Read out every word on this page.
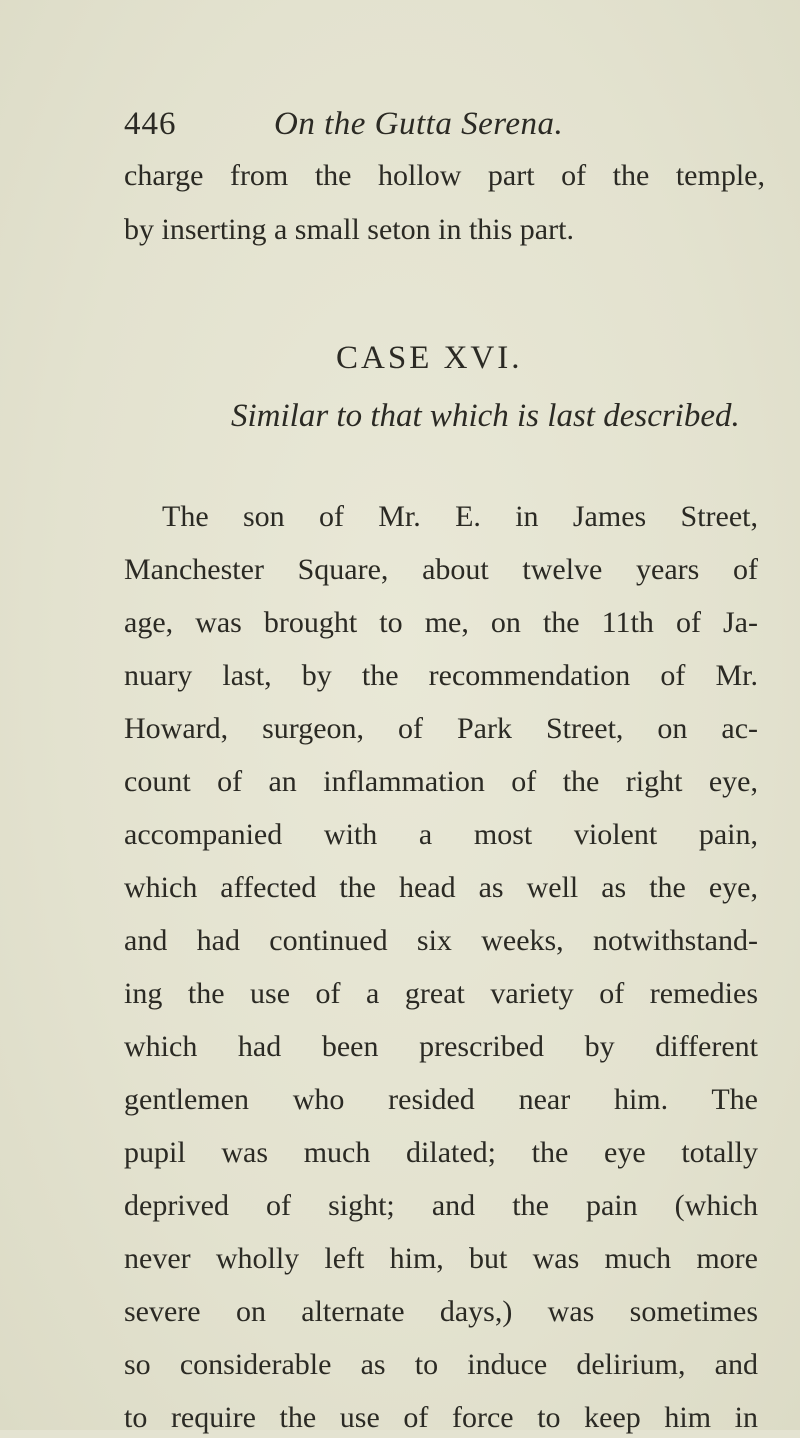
446	On the Gutta Serena.
charge from the hollow part of the temple,
by inserting a small seton in this part.
CASE XVI.
Similar to that which is last described.
The son of Mr. E. in James Street,
Manchester Square, about twelve years of
age, was brought to me, on the 11th of Ja-
nuary last, by the recommendation of Mr.
Howard, surgeon, of Park Street, on ac-
count of an inflammation of the right eye,
accompanied with a most violent pain,
which affected the head as well as the eye,
and had continued six weeks, notwithstand-
ing the use of a great variety of remedies
which had been prescribed by different
gentlemen who resided near him. The
pupil was much dilated; the eye totally
deprived of sight; and the pain (which
never wholly left him, but was much more
severe on alternate days,) was sometimes
so considerable as to induce delirium, and
to require the use of force to keep him in
